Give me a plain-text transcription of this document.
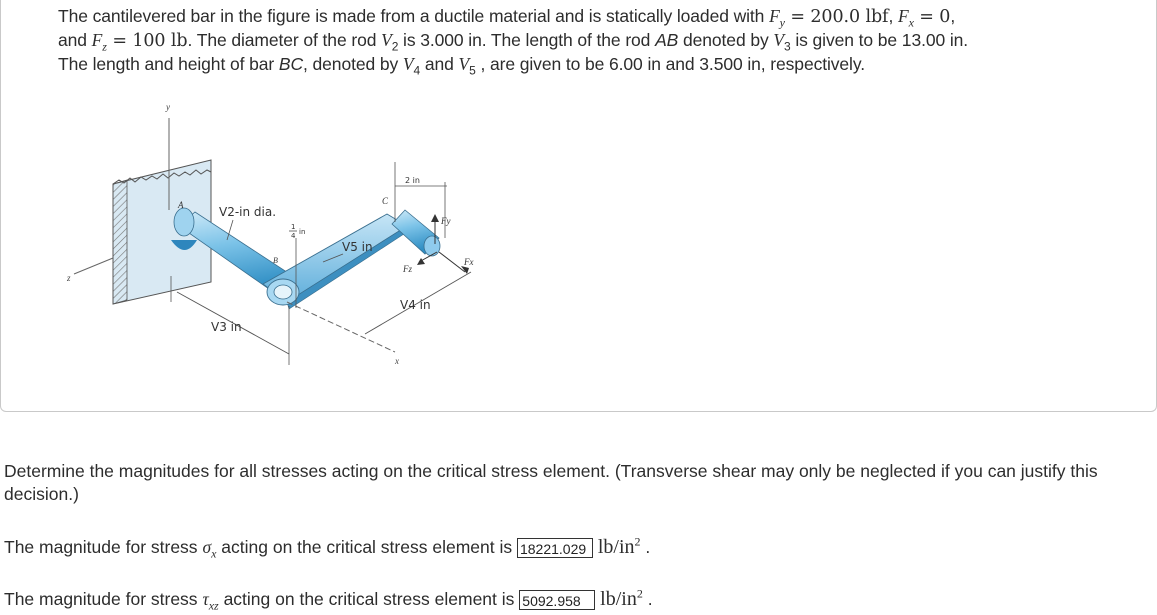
The cantilevered bar in the figure is made from a ductile material and is statically loaded with $F_y = 200.0$ lbf, $F_x = 0$,
and $F_z = 100$ lb. The diameter of the rod $V_2$ is 3.000 in. The length of the rod AB denoted by $V_3$ is given to be 13.00 in.
The length and height of bar BC, denoted by $V_4$ and $V_5$ , are given to be 6.00 in and 3.500 in, respectively.
y
z
A
B
C
x
V2-in dia.
1
4 in
V5 in
2 in
Fy
Fz
Fx
V4 in
V3 in
Determine the magnitudes for all stresses acting on the critical stress element. (Transverse shear may only be neglected if you can justify this decision.)
The magnitude for stress $\sigma_x$ acting on the critical stress element is 18221.029 $lb/in^2$ .
The magnitude for stress $\tau_{xz}$ acting on the critical stress element is 5092.958 $lb/in^2$ .
